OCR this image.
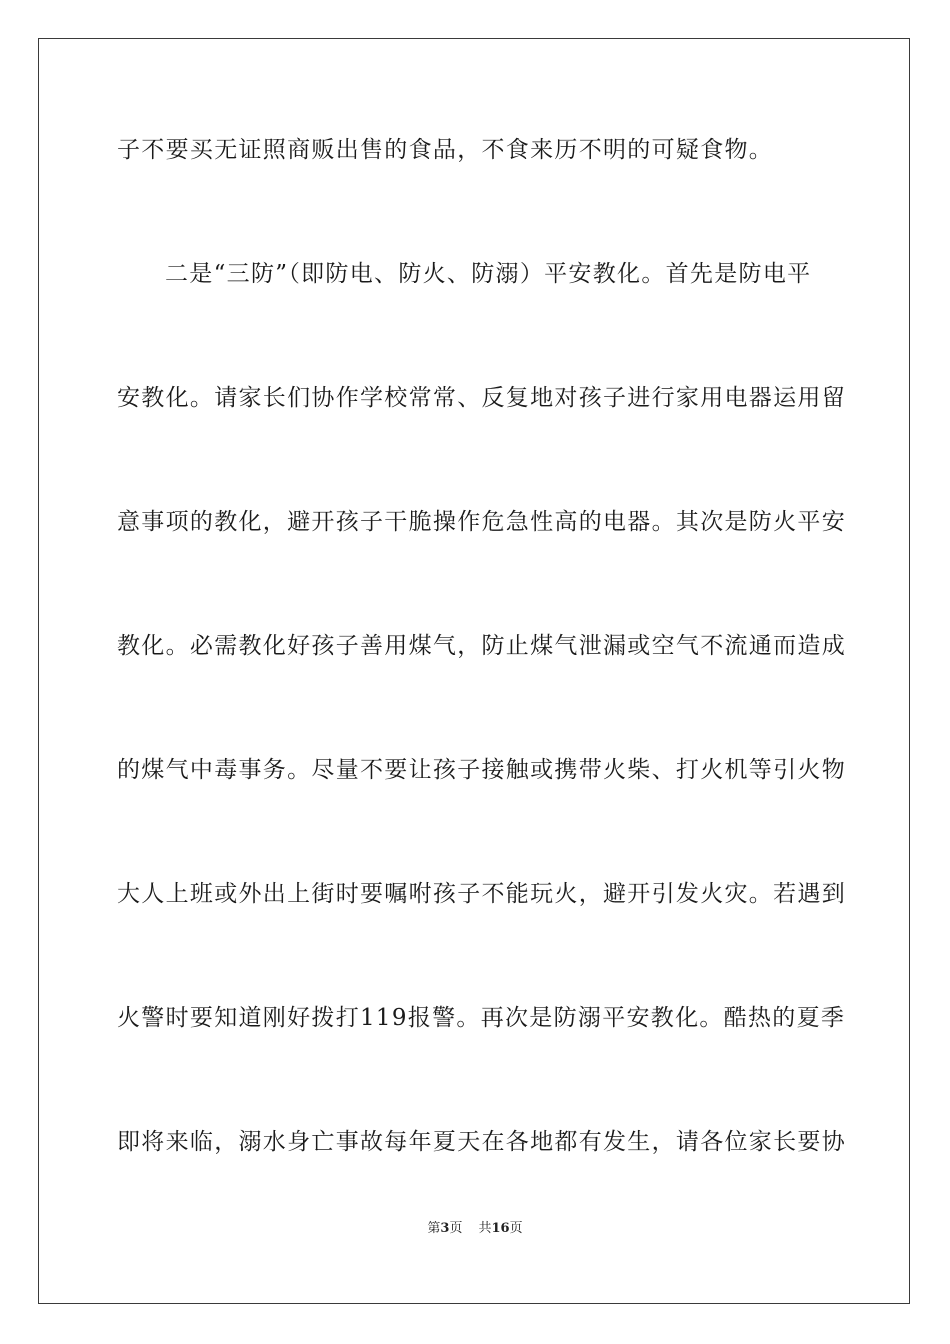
子不要买无证照商贩出售的食品，不食来历不明的可疑食物。
二是“三防”（即防电、防火、防溺）平安教化。首先是防电平
安教化。请家长们协作学校常常、反复地对孩子进行家用电器运用留
意事项的教化，避开孩子干脆操作危急性高的电器。其次是防火平安
教化。必需教化好孩子善用煤气，防止煤气泄漏或空气不流通而造成
的煤气中毒事务。尽量不要让孩子接触或携带火柴、打火机等引火物
大人上班或外出上街时要嘱咐孩子不能玩火，避开引发火灾。若遇到
火警时要知道刚好拨打119报警。再次是防溺平安教化。酷热的夏季
即将来临，溺水身亡事故每年夏天在各地都有发生，请各位家长要协
第3页 共16页
